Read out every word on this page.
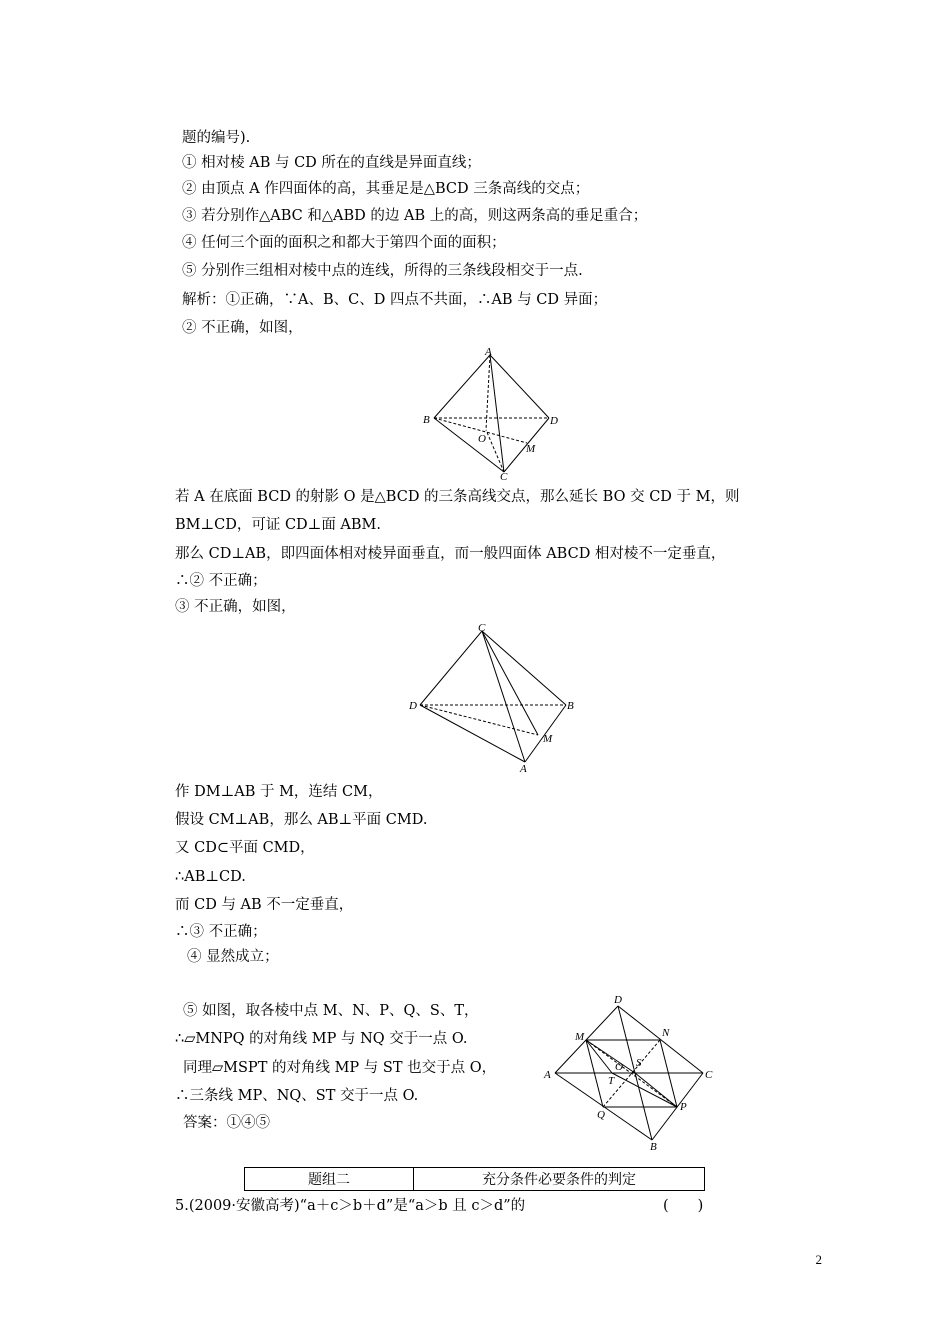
题的编号).
① 相对棱 AB 与 CD 所在的直线是异面直线；
② 由顶点 A 作四面体的高，其垂足是△BCD 三条高线的交点；
③ 若分别作△ABC 和△ABD 的边 AB 上的高，则这两条高的垂足重合；
④ 任何三个面的面积之和都大于第四个面的面积；
⑤ 分别作三组相对棱中点的连线，所得的三条线段相交于一点.
解析：①正确，∵A、B、C、D 四点不共面，∴AB 与 CD 异面；
② 不正确，如图，
A
B	D
O
M
C
若 A 在底面 BCD 的射影 O 是△BCD 的三条高线交点，那么延长 BO 交 CD 于 M，则
BM⊥CD，可证 CD⊥面 ABM.
那么 CD⊥AB，即四面体相对棱异面垂直，而一般四面体 ABCD 相对棱不一定垂直，
∴② 不正确；
③ 不正确，如图，
C
D	B
M
A
作 DM⊥AB 于 M，连结 CM，
假设 CM⊥AB，那么 AB⊥平面 CMD.
又 CD⊂平面 CMD，
∴AB⊥CD.
而 CD 与 AB 不一定垂直，
∴③ 不正确；
④ 显然成立；
⑤ 如图，取各棱中点 M、N、P、Q、S、T，
∴▱MNPQ 的对角线 MP 与 NQ 交于一点 O.
同理▱MSPT 的对角线 MP 与 ST 也交于点 O，
∴三条线 MP、NQ、ST 交于一点 O.
答案：①④⑤
D
M	N
A	C
S
O
T
Q
P
B
题组二	充分条件必要条件的判定
5.(2009·安徽高考)“a＋c＞b＋d”是“a＞b 且 c＞d”的	(　　)
2
